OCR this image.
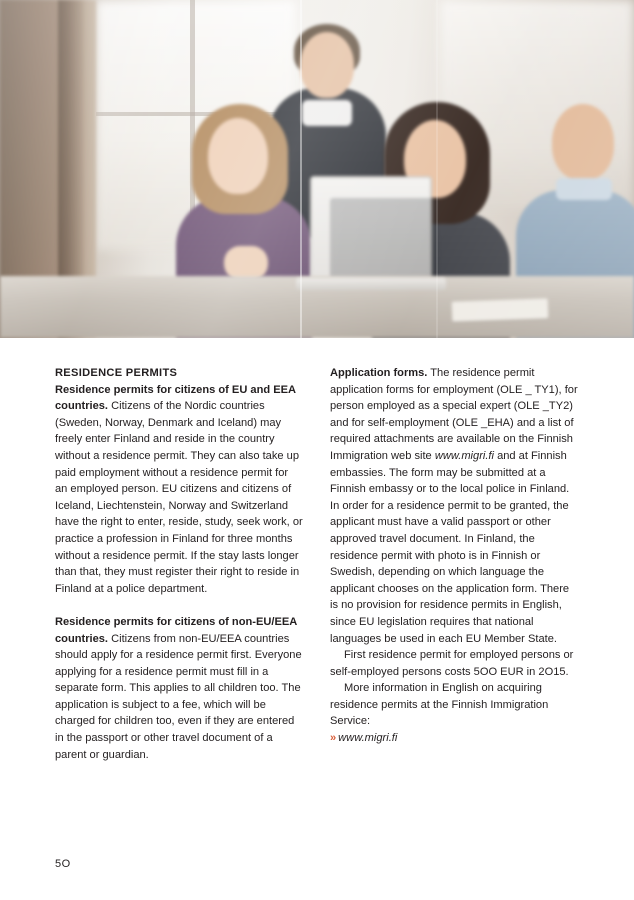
RESIDENCE PERMITS

Residence permits for citizens of EU and EEA countries. Citizens of the Nordic countries (Sweden, Norway, Denmark and Iceland) may freely enter Finland and reside in the country without a residence permit. They can also take up paid employment without a residence permit for an employed person. EU citizens and citizens of Iceland, Liechtenstein, Norway and Switzerland have the right to enter, reside, study, seek work, or practice a profession in Finland for three months without a residence permit. If the stay lasts longer than that, they must register their right to reside in Finland at a police department.

Residence permits for citizens of non-EU/EEA countries. Citizens from non-EU/EEA countries should apply for a residence permit first. Everyone applying for a residence permit must fill in a separate form. This applies to all children too. The application is subject to a fee, which will be charged for children too, even if they are entered in the passport or other travel document of a parent or guardian.

Application forms. The residence permit application forms for employment (OLE _ TY1), for person employed as a special expert (OLE _TY2) and for self-employment (OLE _EHA) and a list of required attachments are available on the Finnish Immigration web site www.migri.fi and at Finnish embassies. The form may be submitted at a Finnish embassy or to the local police in Finland. In order for a residence permit to be granted, the applicant must have a valid passport or other approved travel document. In Finland, the residence permit with photo is in Finnish or Swedish, depending on which language the applicant chooses on the application form. There is no provision for residence permits in English, since EU legislation requires that national languages be used in each EU Member State.

First residence permit for employed persons or self-employed persons costs 5OO EUR in 2O15.

More information in English on acquiring residence permits at the Finnish Immigration Service:

» www.migri.fi

5O
